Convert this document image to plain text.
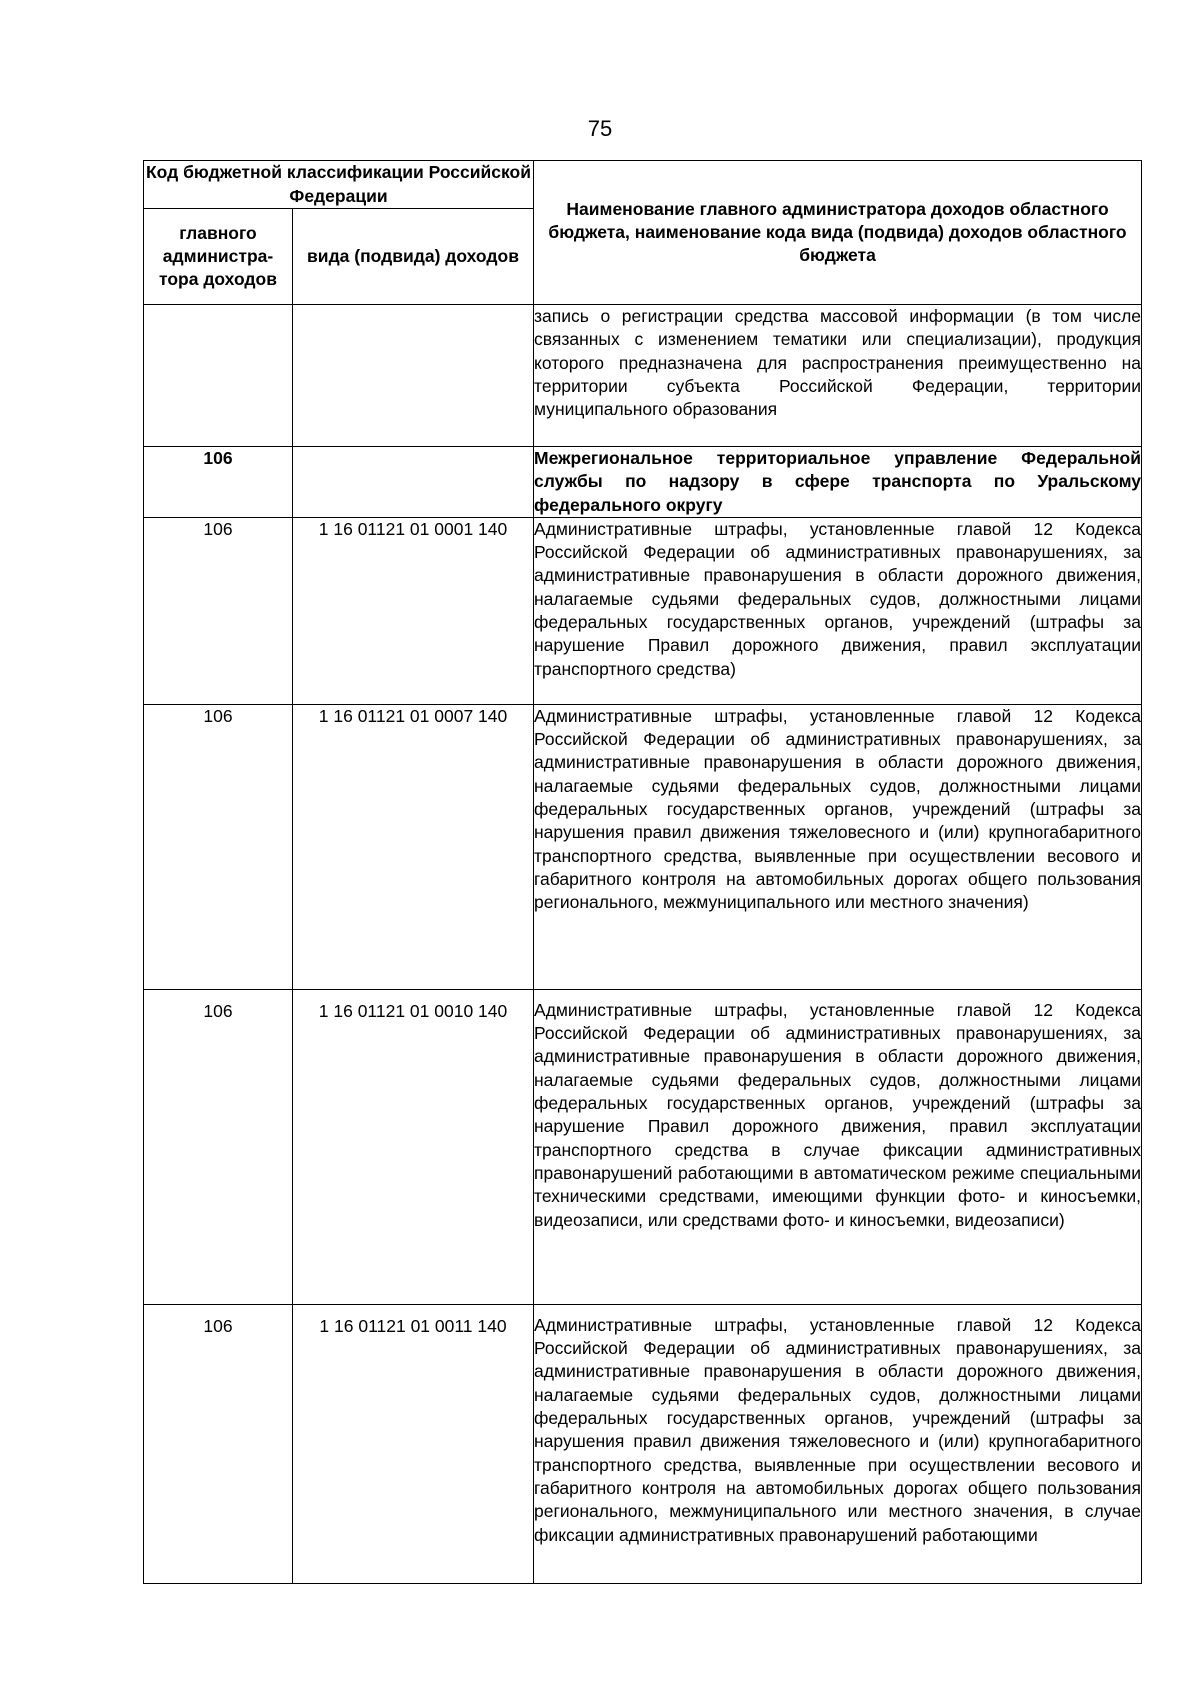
75
Код бюджетной классификации Российской Федерации		Наименование главного администратора доходов областного бюджета, наименование кода вида (подвида) доходов областного бюджета
главного администра-тора доходов	вида (подвида) доходов	
		запись о регистрации средства массовой информации (в том числе связанных с изменением тематики или специализации), продукция которого предназначена для распространения преимущественно на территории субъекта Российской Федерации, территории муниципального образования
106		Межрегиональное территориальное управление Федеральной службы по надзору в сфере транспорта по Уральскому федерального округу
106	1 16 01121 01 0001 140	Административные штрафы, установленные главой 12 Кодекса Российской Федерации об административных правонарушениях, за административные правонарушения в области дорожного движения, налагаемые судьями федеральных судов, должностными лицами федеральных государственных органов, учреждений (штрафы за нарушение Правил дорожного движения, правил эксплуатации транспортного средства)
106	1 16 01121 01 0007 140	Административные штрафы, установленные главой 12 Кодекса Российской Федерации об административных правонарушениях, за административные правонарушения в области дорожного движения, налагаемые судьями федеральных судов, должностными лицами федеральных государственных органов, учреждений (штрафы за нарушения правил движения тяжеловесного и (или) крупногабаритного транспортного средства, выявленные при осуществлении весового и габаритного контроля на автомобильных дорогах общего пользования регионального, межмуниципального или местного значения)
106	1 16 01121 01 0010 140	Административные штрафы, установленные главой 12 Кодекса Российской Федерации об административных правонарушениях, за административные правонарушения в области дорожного движения, налагаемые судьями федеральных судов, должностными лицами федеральных государственных органов, учреждений (штрафы за нарушение Правил дорожного движения, правил эксплуатации транспортного средства в случае фиксации административных правонарушений работающими в автоматическом режиме специальными техническими средствами, имеющими функции фото- и киносъемки, видеозаписи, или средствами фото- и киносъемки, видеозаписи)
106	1 16 01121 01 0011 140	Административные штрафы, установленные главой 12 Кодекса Российской Федерации об административных правонарушениях, за административные правонарушения в области дорожного движения, налагаемые судьями федеральных судов, должностными лицами федеральных государственных органов, учреждений (штрафы за нарушения правил движения тяжеловесного и (или) крупногабаритного транспортного средства, выявленные при осуществлении весового и габаритного контроля на автомобильных дорогах общего пользования регионального, межмуниципального или местного значения, в случае фиксации административных правонарушений работающими
